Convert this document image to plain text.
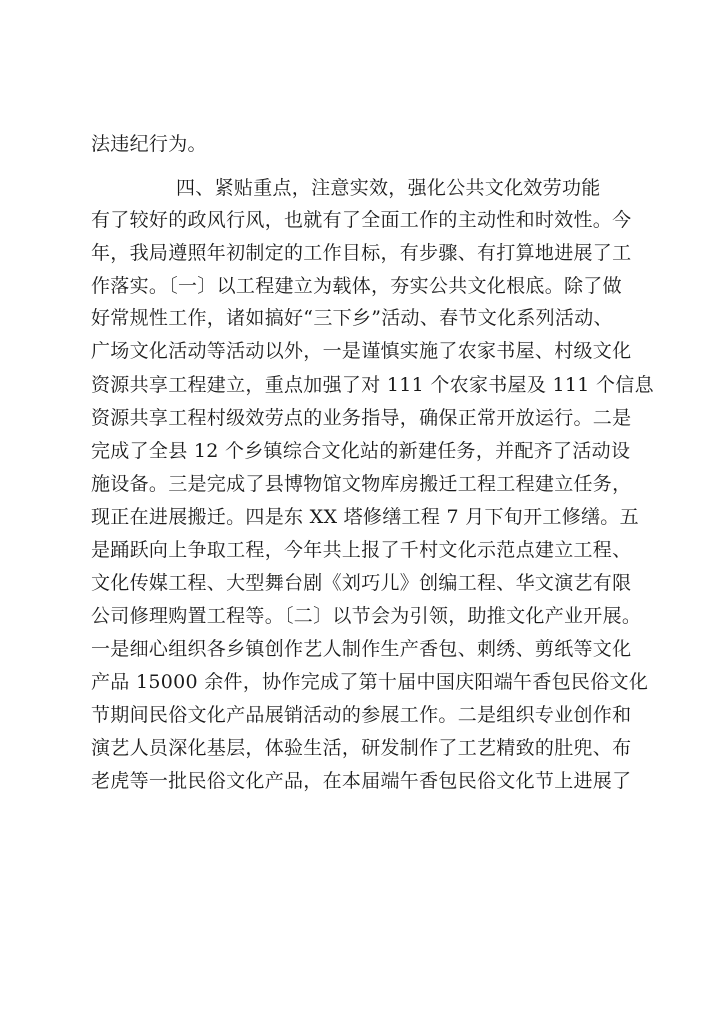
法违纪行为。
四、紧贴重点，注意实效，强化公共文化效劳功能
有了较好的政风行风，也就有了全面工作的主动性和时效性。今
年，我局遵照年初制定的工作目标，有步骤、有打算地进展了工
作落实。〔一〕以工程建立为载体，夯实公共文化根底。除了做
好常规性工作，诸如搞好“三下乡”活动、春节文化系列活动、
广场文化活动等活动以外，一是谨慎实施了农家书屋、村级文化
资源共享工程建立，重点加强了对 111 个农家书屋及 111 个信息
资源共享工程村级效劳点的业务指导，确保正常开放运行。二是
完成了全县 12 个乡镇综合文化站的新建任务，并配齐了活动设
施设备。三是完成了县博物馆文物库房搬迁工程工程建立任务，
现正在进展搬迁。四是东 XX 塔修缮工程 7 月下旬开工修缮。五
是踊跃向上争取工程，今年共上报了千村文化示范点建立工程、
文化传媒工程、大型舞台剧《刘巧儿》创编工程、华文演艺有限
公司修理购置工程等。〔二〕以节会为引领，助推文化产业开展。
一是细心组织各乡镇创作艺人制作生产香包、刺绣、剪纸等文化
产品 15000 余件，协作完成了第十届中国庆阳端午香包民俗文化
节期间民俗文化产品展销活动的参展工作。二是组织专业创作和
演艺人员深化基层，体验生活，研发制作了工艺精致的肚兜、布
老虎等一批民俗文化产品，在本届端午香包民俗文化节上进展了
